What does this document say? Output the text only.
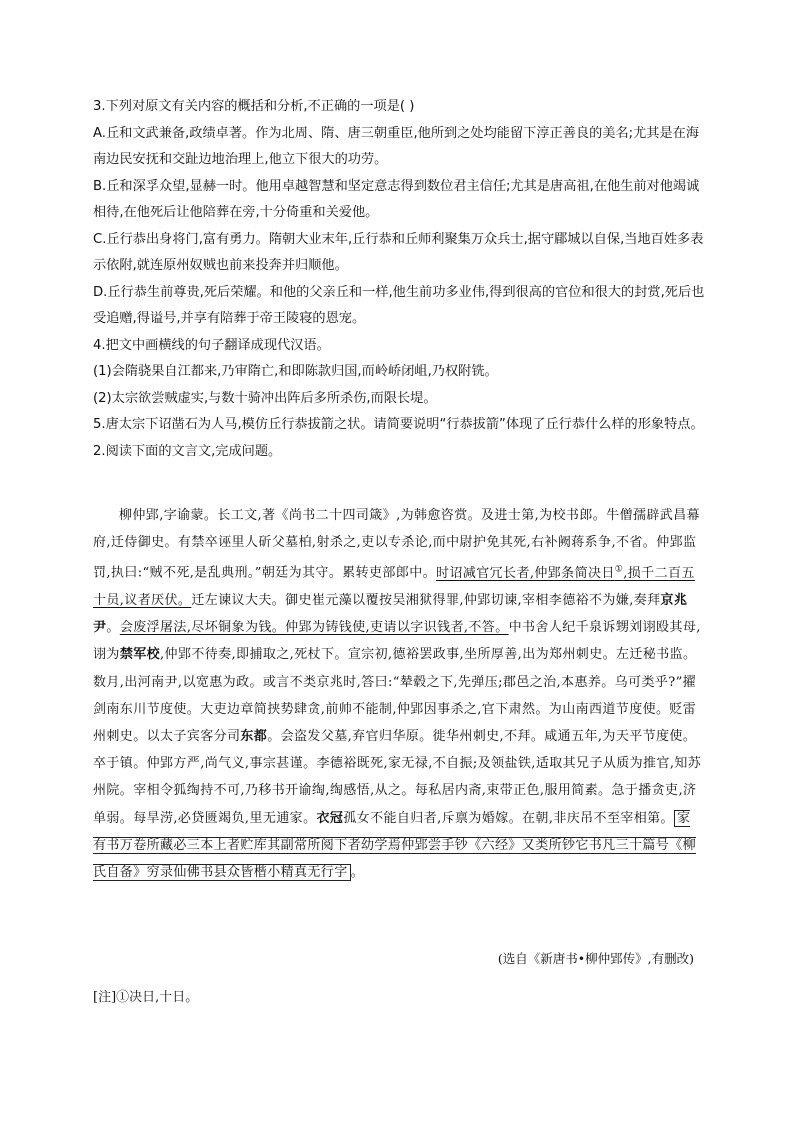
3.下列对原文有关内容的概括和分析,不正确的一项是( )

A.丘和文武兼备,政绩卓著。作为北周、隋、唐三朝重臣,他所到之处均能留下淳正善良的美名;尤其是在海南边民安抚和交趾边地治理上,他立下很大的功劳。

B.丘和深孚众望,显赫一时。他用卓越智慧和坚定意志得到数位君主信任;尤其是唐高祖,在他生前对他竭诚相待,在他死后让他陪葬在旁,十分倚重和关爱他。

C.丘行恭出身将门,富有勇力。隋朝大业末年,丘行恭和丘师利聚集万众兵士,据守郿城以自保,当地百姓多表示依附,就连原州奴贼也前来投奔并归顺他。

D.丘行恭生前尊贵,死后荣耀。和他的父亲丘和一样,他生前功多业伟,得到很高的官位和很大的封赏,死后也受追赠,得谥号,并享有陪葬于帝王陵寝的恩宠。

4.把文中画横线的句子翻译成现代汉语。

(1)会隋骁果自江都来,乃审隋亡,和即陈款归国,而岭峤闭岨,乃权附铣。

(2)太宗欲尝贼虚实,与数十骑冲出阵后多所杀伤,而限长堤。

5.唐太宗下诏凿石为人马,模仿丘行恭拔箭之状。请简要说明“行恭拔箭”体现了丘行恭什么样的形象特点。

2.阅读下面的文言文,完成问题。

柳仲郢,字谕蒙。长工文,著《尚书二十四司箴》,为韩愈咨赏。及进士第,为校书郎。牛僧孺辟武昌幕府,迁侍御史。有禁卒诬里人斫父墓柏,射杀之,吏以专杀论,而中尉护免其死,右补阙蒋系争,不省。仲郢监罚,执曰:“贼不死,是乱典刑。”朝廷为其守。累转吏部郎中。时诏减官冗长者,仲郢条简决日①,损千二百五十员,议者厌伏。迁左谏议大夫。御史崔元藻以覆按吴湘狱得罪,仲郢切谏,宰相李德裕不为嫌,奏拜京兆尹。会废浮屠法,尽坏铜象为钱。仲郢为铸钱使,吏请以字识钱者,不答。中书舍人纪千泉诉甥刘诩殴其母,诩为禁军校,仲郢不待奏,即捕取之,死杖下。宣宗初,德裕罢政事,坐所厚善,出为郑州刺史。左迁秘书监。数月,出河南尹,以宽惠为政。或言不类京兆时,答曰:“辇毂之下,先弹压;郡邑之治,本惠养。乌可类乎?”擢剑南东川节度使。大吏边章简挟势肆贪,前帅不能制,仲郢因事杀之,官下肃然。为山南西道节度使。贬雷州刺史。以太子宾客分司东都。会盗发父墓,弃官归华原。徙华州刺史,不拜。咸通五年,为天平节度使。卒于镇。仲郢方严,尚气义,事宗甚谨。李德裕既死,家无禄,不自振;及领盐铁,适取其兄子从质为推官,知苏州院。宰相令狐绹持不可,乃移书开谕绹,绹感悟,从之。每私居内斋,束带正色,服用简素。急于播贪吏,济单弱。每旱涝,必贷匮竭负,里无逋家。衣冠孤女不能自归者,斥禀为婚嫁。在朝,非庆吊不至宰相第。 家有书万卷所藏必三本上者贮库其副常所阅下者幼学焉仲郢尝手钞《六经》又类所钞它书凡三十篇号《柳氏自备》穷录仙佛书县众皆楷小精真无行字 。

(选自《新唐书•柳仲郢传》,有删改)
[注]①决日,十日。
